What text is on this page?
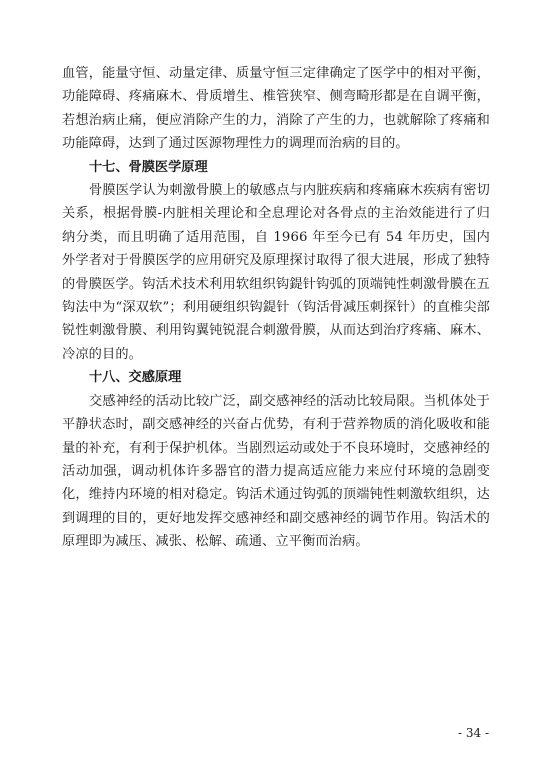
血管，能量守恒、动量定律、质量守恒三定律确定了医学中的相对平衡，功能障碍、疼痛麻木、骨质增生、椎管狭窄、侧弯畸形都是在自调平衡，若想治病止痛，便应消除产生的力，消除了产生的力，也就解除了疼痛和功能障碍，达到了通过医源物理性力的调理而治病的目的。

十七、骨膜医学原理

骨膜医学认为刺激骨膜上的敏感点与内脏疾病和疼痛麻木疾病有密切关系，根据骨膜-内脏相关理论和全息理论对各骨点的主治效能进行了归纳分类，而且明确了适用范围，自 1966 年至今已有 54 年历史，国内外学者对于骨膜医学的应用研究及原理探讨取得了很大进展，形成了独特的骨膜医学。钩活术技术利用软组织钩鍉针钩弧的顶端钝性刺激骨膜在五钩法中为“深双软”；利用硬组织钩鍉针（钩活骨减压刺探针）的直椎尖部锐性刺激骨膜、利用钩翼钝锐混合刺激骨膜，从而达到治疗疼痛、麻木、冷凉的目的。

十八、交感原理

交感神经的活动比较广泛，副交感神经的活动比较局限。当机体处于平静状态时，副交感神经的兴奋占优势，有利于营养物质的消化吸收和能量的补充，有利于保护机体。当剧烈运动或处于不良环境时，交感神经的活动加强，调动机体许多器官的潜力提高适应能力来应付环境的急剧变化，维持内环境的相对稳定。钩活术通过钩弧的顶端钝性刺激软组织，达到调理的目的，更好地发挥交感神经和副交感神经的调节作用。钩活术的原理即为减压、减张、松解、疏通、立平衡而治病。

- 34 -
